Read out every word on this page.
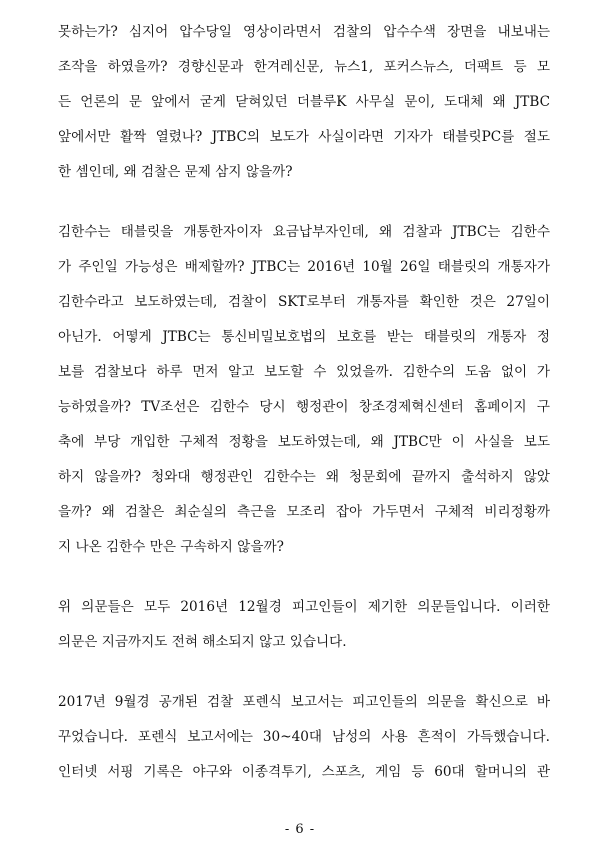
못하는가? 심지어 압수당일 영상이라면서 검찰의 압수수색 장면을 내보내는
조작을 하였을까? 경향신문과 한겨레신문, 뉴스1, 포커스뉴스, 더팩트 등 모
든 언론의 문 앞에서 굳게 닫혀있던 더블루K 사무실 문이, 도대체 왜 JTBC
앞에서만 활짝 열렸나? JTBC의 보도가 사실이라면 기자가 태블릿PC를 절도
한 셈인데, 왜 검찰은 문제 삼지 않을까?
김한수는 태블릿을 개통한자이자 요금납부자인데, 왜 검찰과 JTBC는 김한수
가 주인일 가능성은 배제할까? JTBC는 2016년 10월 26일 태블릿의 개통자가
김한수라고 보도하였는데, 검찰이 SKT로부터 개통자를 확인한 것은 27일이
아닌가. 어떻게 JTBC는 통신비밀보호법의 보호를 받는 태블릿의 개통자 정
보를 검찰보다 하루 먼저 알고 보도할 수 있었을까. 김한수의 도움 없이 가
능하였을까? TV조선은 김한수 당시 행정관이 창조경제혁신센터 홈페이지 구
축에 부당 개입한 구체적 정황을 보도하였는데, 왜 JTBC만 이 사실을 보도
하지 않을까? 청와대 행정관인 김한수는 왜 청문회에 끝까지 출석하지 않았
을까? 왜 검찰은 최순실의 측근을 모조리 잡아 가두면서 구체적 비리정황까
지 나온 김한수 만은 구속하지 않을까?
위 의문들은 모두 2016년 12월경 피고인들이 제기한 의문들입니다. 이러한
의문은 지금까지도 전혀 해소되지 않고 있습니다.
2017년 9월경 공개된 검찰 포렌식 보고서는 피고인들의 의문을 확신으로 바
꾸었습니다. 포렌식 보고서에는 30~40대 남성의 사용 흔적이 가득했습니다.
인터넷 서핑 기록은 야구와 이종격투기, 스포츠, 게임 등 60대 할머니의 관
- 6 -
